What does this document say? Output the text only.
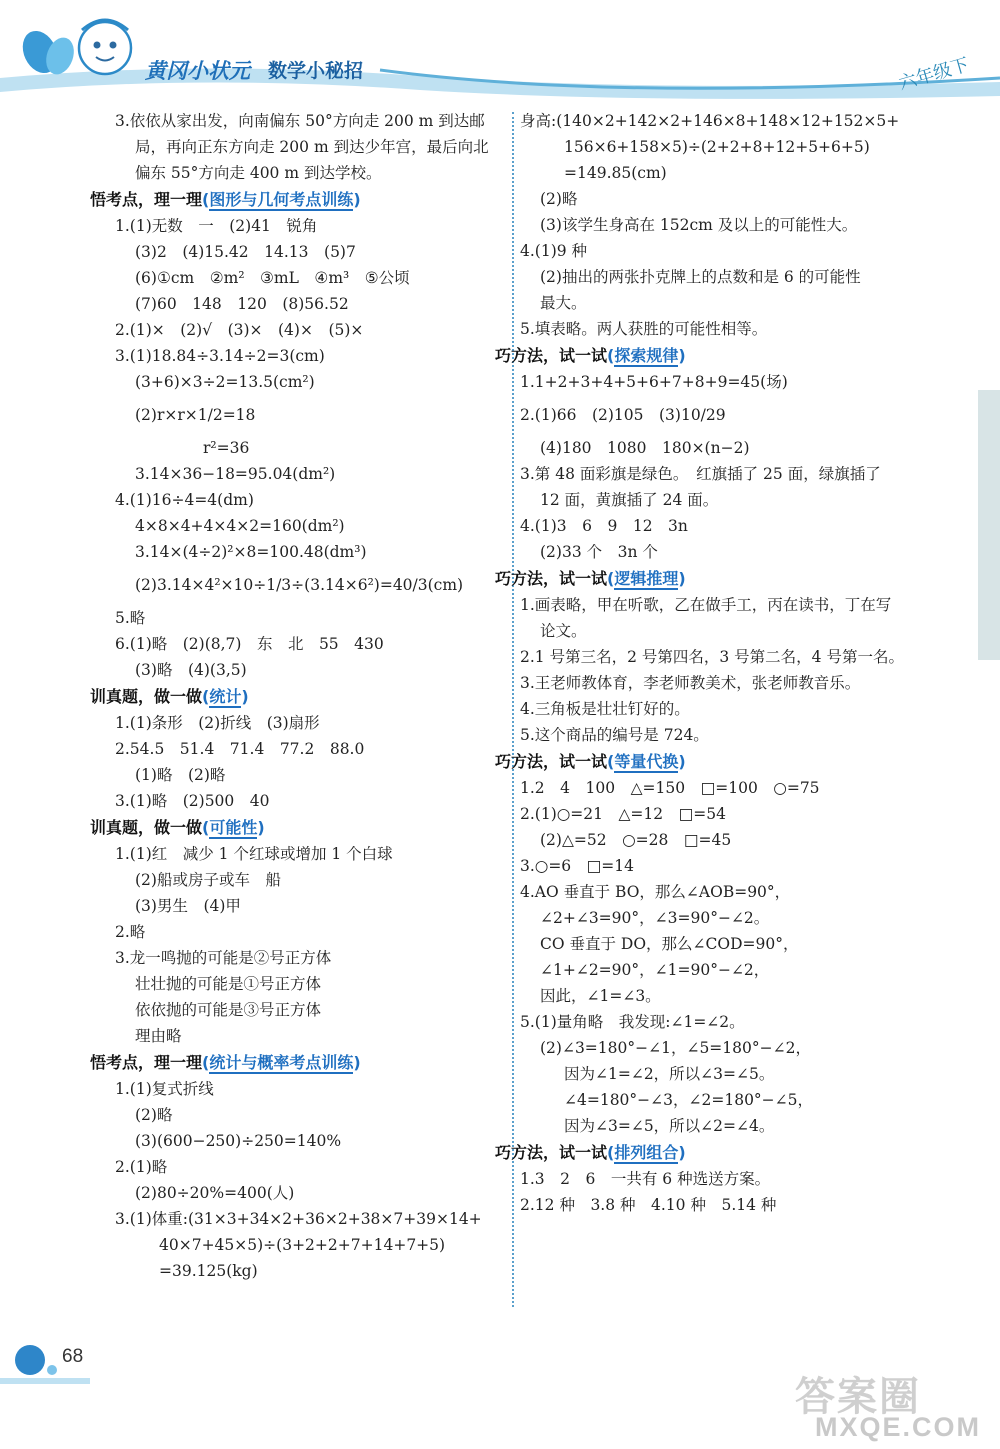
黄冈小状元 数学小秘招	六年级下
3.依依从家出发，向南偏东 50°方向走 200 m 到达邮
局，再向正东方向走 200 m 到达少年宫，最后向北
偏东 55°方向走 400 m 到达学校。
悟考点，理一理(图形与几何考点训练)
1.(1)无数　一　(2)41　锐角
(3)2　(4)15.42　14.13　(5)7
(6)①cm　②m²　③mL　④m³　⑤公顷
(7)60　148　120　(8)56.52
2.(1)×　(2)√　(3)×　(4)×　(5)×
3.(1)18.84÷3.14÷2=3(cm)
(3+6)×3÷2=13.5(cm²)
(2)r×r×1/2=18
r²=36
3.14×36−18=95.04(dm²)
4.(1)16÷4=4(dm)
4×8×4+4×4×2=160(dm²)
3.14×(4÷2)²×8=100.48(dm³)
(2)3.14×4²×10÷1/3÷(3.14×6²)=40/3(cm)
5.略
6.(1)略　(2)(8,7)　东　北　55　430
(3)略　(4)(3,5)
训真题，做一做(统计)
1.(1)条形　(2)折线　(3)扇形
2.54.5　51.4　71.4　77.2　88.0
(1)略　(2)略
3.(1)略　(2)500　40
训真题，做一做(可能性)
1.(1)红　减少 1 个红球或增加 1 个白球
(2)船或房子或车　船
(3)男生　(4)甲
2.略
3.龙一鸣抛的可能是②号正方体
壮壮抛的可能是①号正方体
依依抛的可能是③号正方体
理由略
悟考点，理一理(统计与概率考点训练)
1.(1)复式折线
(2)略
(3)(600−250)÷250=140%
2.(1)略
(2)80÷20%=400(人)
3.(1)体重:(31×3+34×2+36×2+38×7+39×14+
40×7+45×5)÷(3+2+2+7+14+7+5)
=39.125(kg)
身高:(140×2+142×2+146×8+148×12+152×5+
156×6+158×5)÷(2+2+8+12+5+6+5)
=149.85(cm)
(2)略
(3)该学生身高在 152cm 及以上的可能性大。
4.(1)9 种
(2)抽出的两张扑克牌上的点数和是 6 的可能性
最大。
5.填表略。两人获胜的可能性相等。
巧方法，试一试(探索规律)
1.1+2+3+4+5+6+7+8+9=45(场)
2.(1)66　(2)105　(3)10/29
(4)180　1080　180×(n−2)
3.第 48 面彩旗是绿色。　红旗插了 25 面，绿旗插了
12 面，黄旗插了 24 面。
4.(1)3　6　9　12　3n
(2)33 个　3n 个
巧方法，试一试(逻辑推理)
1.画表略，甲在听歌，乙在做手工，丙在读书，丁在写
论文。
2.1 号第三名，2 号第四名，3 号第二名，4 号第一名。
3.王老师教体育，李老师教美术，张老师教音乐。
4.三角板是壮壮钉好的。
5.这个商品的编号是 724。
巧方法，试一试(等量代换)
1.2　4　100　△=150　□=100　○=75
2.(1)○=21　△=12　□=54
(2)△=52　○=28　□=45
3.○=6　□=14
4.AO 垂直于 BO，那么∠AOB=90°，
∠2+∠3=90°，∠3=90°−∠2。
CO 垂直于 DO，那么∠COD=90°，
∠1+∠2=90°，∠1=90°−∠2，
因此，∠1=∠3。
5.(1)量角略　我发现:∠1=∠2。
(2)∠3=180°−∠1，∠5=180°−∠2，
因为∠1=∠2，所以∠3=∠5。
∠4=180°−∠3，∠2=180°−∠5，
因为∠3=∠5，所以∠2=∠4。
巧方法，试一试(排列组合)
1.3　2　6　一共有 6 种选送方案。
2.12 种　3.8 种　4.10 种　5.14 种
68
答案圈
MXQE.COM
